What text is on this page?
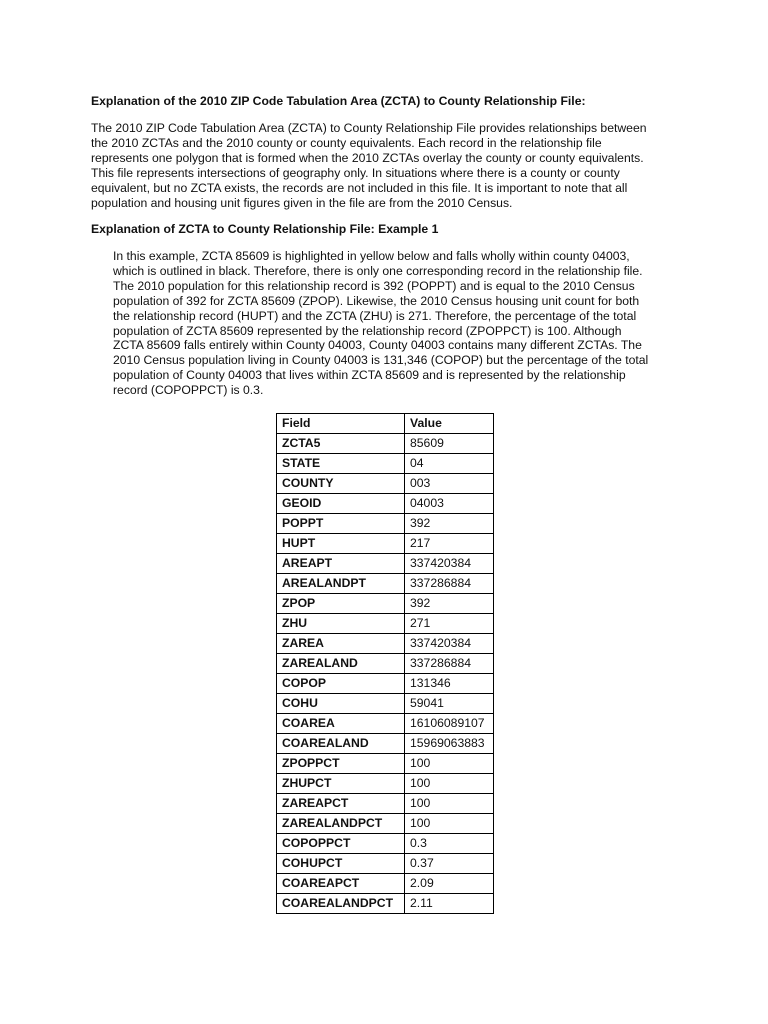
Explanation of the 2010 ZIP Code Tabulation Area (ZCTA) to County Relationship File:
The 2010 ZIP Code Tabulation Area (ZCTA) to County Relationship File provides relationships between
the 2010 ZCTAs and the 2010 county or county equivalents. Each record in the relationship file
represents one polygon that is formed when the 2010 ZCTAs overlay the county or county equivalents.
This file represents intersections of geography only. In situations where there is a county or county
equivalent, but no ZCTA exists, the records are not included in this file. It is important to note that all
population and housing unit figures given in the file are from the 2010 Census.
Explanation of ZCTA to County Relationship File: Example 1
In this example, ZCTA 85609 is highlighted in yellow below and falls wholly within county 04003,
which is outlined in black. Therefore, there is only one corresponding record in the relationship file.
The 2010 population for this relationship record is 392 (POPPT) and is equal to the 2010 Census
population of 392 for ZCTA 85609 (ZPOP). Likewise, the 2010 Census housing unit count for both
the relationship record (HUPT) and the ZCTA (ZHU) is 271. Therefore, the percentage of the total
population of ZCTA 85609 represented by the relationship record (ZPOPPCT) is 100. Although
ZCTA 85609 falls entirely within County 04003, County 04003 contains many different ZCTAs. The
2010 Census population living in County 04003 is 131,346 (COPOP) but the percentage of the total
population of County 04003 that lives within ZCTA 85609 and is represented by the relationship
record (COPOPPCT) is 0.3.
Field	Value
ZCTA5	85609
STATE	04
COUNTY	003
GEOID	04003
POPPT	392
HUPT	217
AREAPT	337420384
AREALANDPT	337286884
ZPOP	392
ZHU	271
ZAREA	337420384
ZAREALAND	337286884
COPOP	131346
COHU	59041
COAREA	16106089107
COAREALAND	15969063883
ZPOPPCT	100
ZHUPCT	100
ZAREAPCT	100
ZAREALANDPCT	100
COPOPPCT	0.3
COHUPCT	0.37
COAREAPCT	2.09
COAREALANDPCT	2.11
